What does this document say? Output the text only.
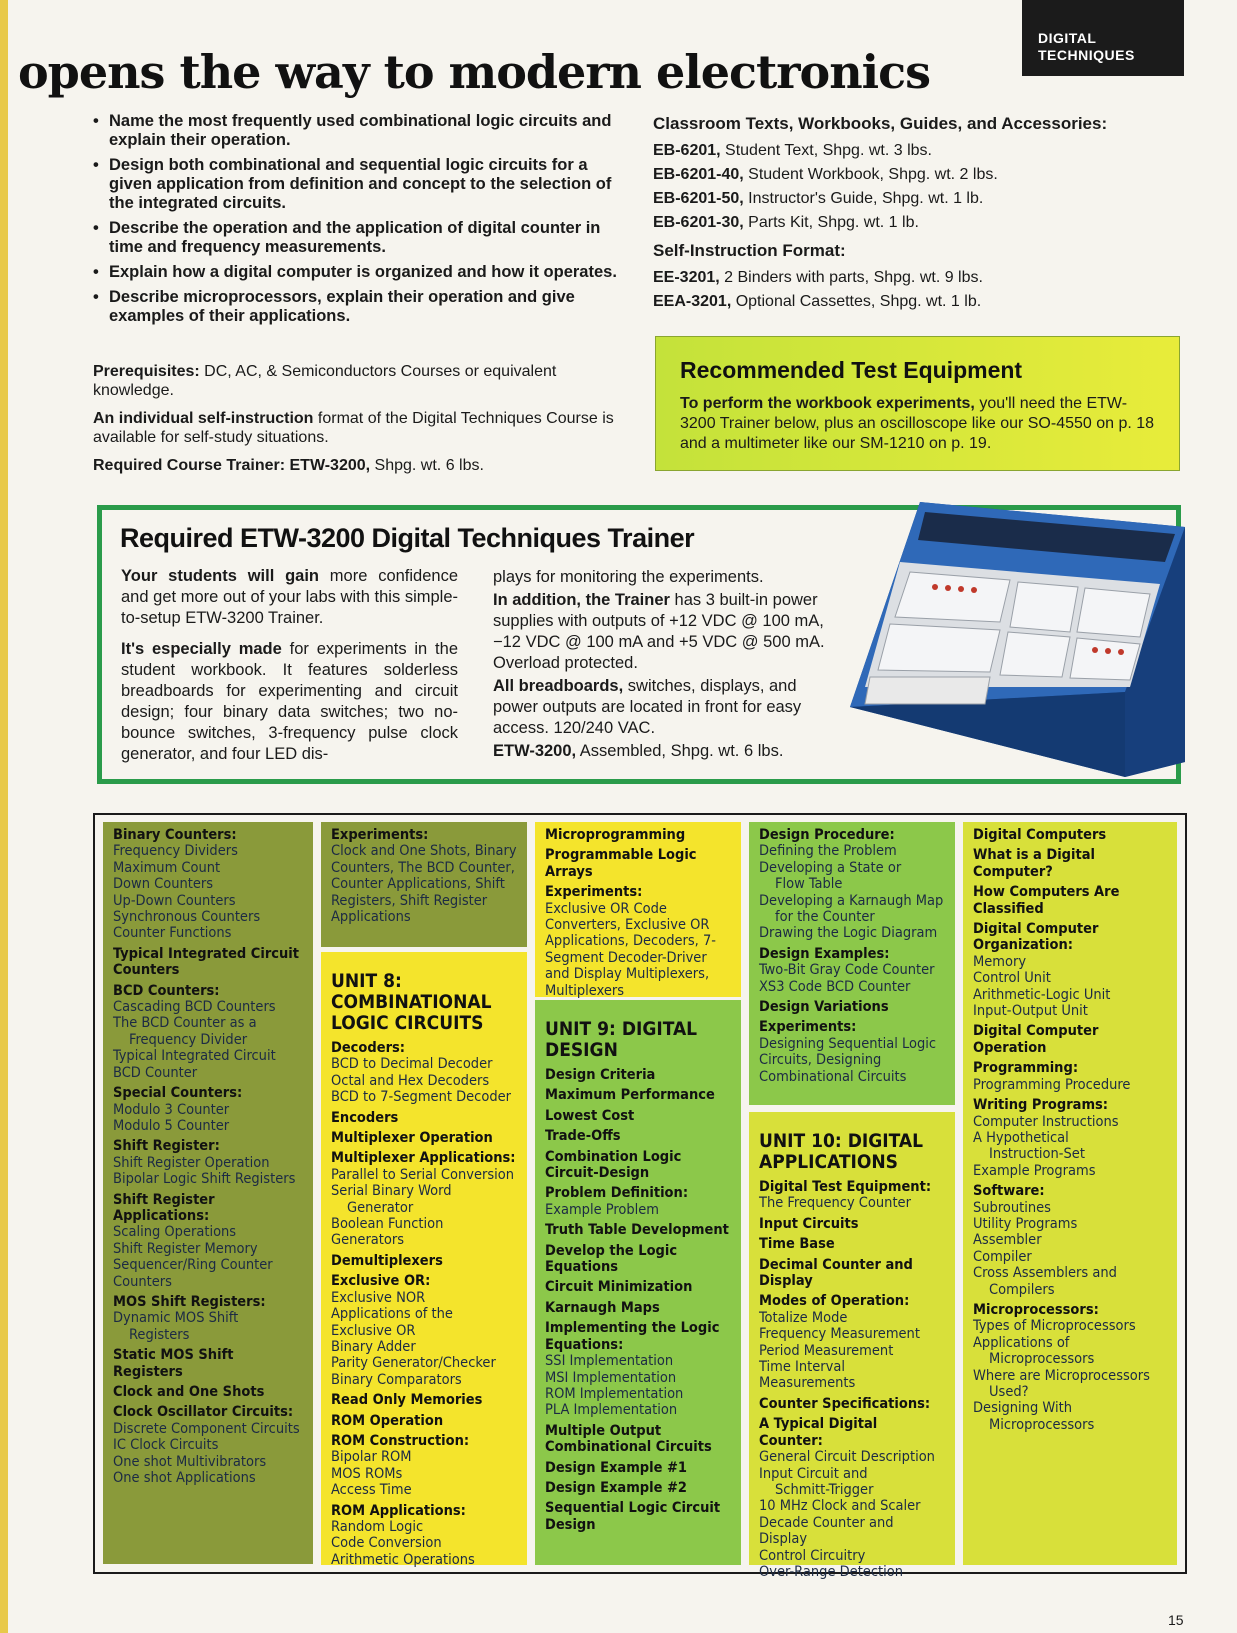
DIGITAL
TECHNIQUES
opens the way to modern electronics
• Name the most frequently used combinational logic circuits and explain their operation.
• Design both combinational and sequential logic circuits for a given application from definition and concept to the selection of the integrated circuits.
• Describe the operation and the application of digital counter in time and frequency measurements.
• Explain how a digital computer is organized and how it operates.
• Describe microprocessors, explain their operation and give examples of their applications.
Prerequisites: DC, AC, & Semiconductors Courses or equivalent knowledge.
An individual self-instruction format of the Digital Techniques Course is available for self-study situations.
Required Course Trainer: ETW-3200, Shpg. wt. 6 lbs.

Classroom Texts, Workbooks, Guides, and Accessories:

EB-6201, Student Text, Shpg. wt. 3 lbs.

EB-6201-40, Student Workbook, Shpg. wt. 2 lbs.

EB-6201-50, Instructor's Guide, Shpg. wt. 1 lb.

EB-6201-30, Parts Kit, Shpg. wt. 1 lb.

Self-Instruction Format:

EE-3201, 2 Binders with parts, Shpg. wt. 9 lbs.

EEA-3201, Optional Cassettes, Shpg. wt. 1 lb.

Recommended Test Equipment
To perform the workbook experiments, you'll need the ETW-3200 Trainer below, plus an oscilloscope like our SO-4550 on p. 18 and a multimeter like our SM-1210 on p. 19.
Required ETW-3200 Digital Techniques Trainer

Your students will gain more confidence and get more out of your labs with this simple-to-setup ETW-3200 Trainer.

It's especially made for experiments in the student workbook. It features solderless breadboards for experimenting and circuit design; four binary data switches; two no-bounce switches, 3-frequency pulse clock generator, and four LED dis-

plays for monitoring the experiments.

In addition, the Trainer has 3 built-in power supplies with outputs of +12 VDC @ 100 mA, −12 VDC @ 100 mA and +5 VDC @ 500 mA. Overload protected.

All breadboards, switches, displays, and power outputs are located in front for easy access. 120/240 VAC.

ETW-3200, Assembled, Shpg. wt. 6 lbs.

Binary Counters:
Frequency Dividers
Maximum Count
Down Counters
Up-Down Counters
Synchronous Counters
Counter Functions
Typical Integrated Circuit Counters
BCD Counters:
Cascading BCD Counters
The BCD Counter as a
Frequency Divider
Typical Integrated Circuit
BCD Counter
Special Counters:
Modulo 3 Counter
Modulo 5 Counter
Shift Register:
Shift Register Operation
Bipolar Logic Shift Registers
Shift Register Applications:
Scaling Operations
Shift Register Memory
Sequencer/Ring Counter
Counters
MOS Shift Registers:
Dynamic MOS Shift
Registers
Static MOS Shift Registers
Clock and One Shots
Clock Oscillator Circuits:
Discrete Component Circuits
IC Clock Circuits
One shot Multivibrators
One shot Applications
Experiments:
Clock and One Shots, Binary Counters, The BCD Counter, Counter Applications, Shift Registers, Shift Register Applications
UNIT 8: COMBINATIONAL LOGIC CIRCUITS
Decoders:
BCD to Decimal Decoder
Octal and Hex Decoders
BCD to 7-Segment Decoder
Encoders
Multiplexer Operation
Multiplexer Applications:
Parallel to Serial Conversion
Serial Binary Word
Generator
Boolean Function Generators
Demultiplexers
Exclusive OR:
Exclusive NOR
Applications of the
Exclusive OR
Binary Adder
Parity Generator/Checker
Binary Comparators
Read Only Memories
ROM Operation
ROM Construction:
Bipolar ROM
MOS ROMs
Access Time
ROM Applications:
Random Logic
Code Conversion
Arithmetic Operations
Microprogramming
Programmable Logic Arrays
Experiments:
Exclusive OR Code Converters, Exclusive OR Applications, Decoders, 7-Segment Decoder-Driver and Display Multiplexers, Multiplexers
UNIT 9: DIGITAL DESIGN
Design Criteria
Maximum Performance
Lowest Cost
Trade-Offs
Combination Logic Circuit-Design
Problem Definition:
Example Problem
Truth Table Development
Develop the Logic Equations
Circuit Minimization
Karnaugh Maps
Implementing the Logic Equations:
SSI Implementation
MSI Implementation
ROM Implementation
PLA Implementation
Multiple Output Combinational Circuits
Design Example #1
Design Example #2
Sequential Logic Circuit Design
Design Procedure:
Defining the Problem
Developing a State or
Flow Table
Developing a Karnaugh Map
for the Counter
Drawing the Logic Diagram
Design Examples:
Two-Bit Gray Code Counter
XS3 Code BCD Counter
Design Variations
Experiments:
Designing Sequential Logic Circuits, Designing Combinational Circuits
UNIT 10: DIGITAL APPLICATIONS
Digital Test Equipment:
The Frequency Counter
Input Circuits
Time Base
Decimal Counter and Display
Modes of Operation:
Totalize Mode
Frequency Measurement
Period Measurement
Time Interval Measurements
Counter Specifications:
A Typical Digital Counter:
General Circuit Description
Input Circuit and
Schmitt-Trigger
10 MHz Clock and Scaler
Decade Counter and Display
Control Circuitry
Over-Range Detection
Digital Computers
What is a Digital Computer?
How Computers Are Classified
Digital Computer Organization:
Memory
Control Unit
Arithmetic-Logic Unit
Input-Output Unit
Digital Computer Operation
Programming:
Programming Procedure
Writing Programs:
Computer Instructions
A Hypothetical
Instruction-Set
Example Programs
Software:
Subroutines
Utility Programs
Assembler
Compiler
Cross Assemblers and
Compilers
Microprocessors:
Types of Microprocessors
Applications of
Microprocessors
Where are Microprocessors
Used?
Designing With
Microprocessors
15
